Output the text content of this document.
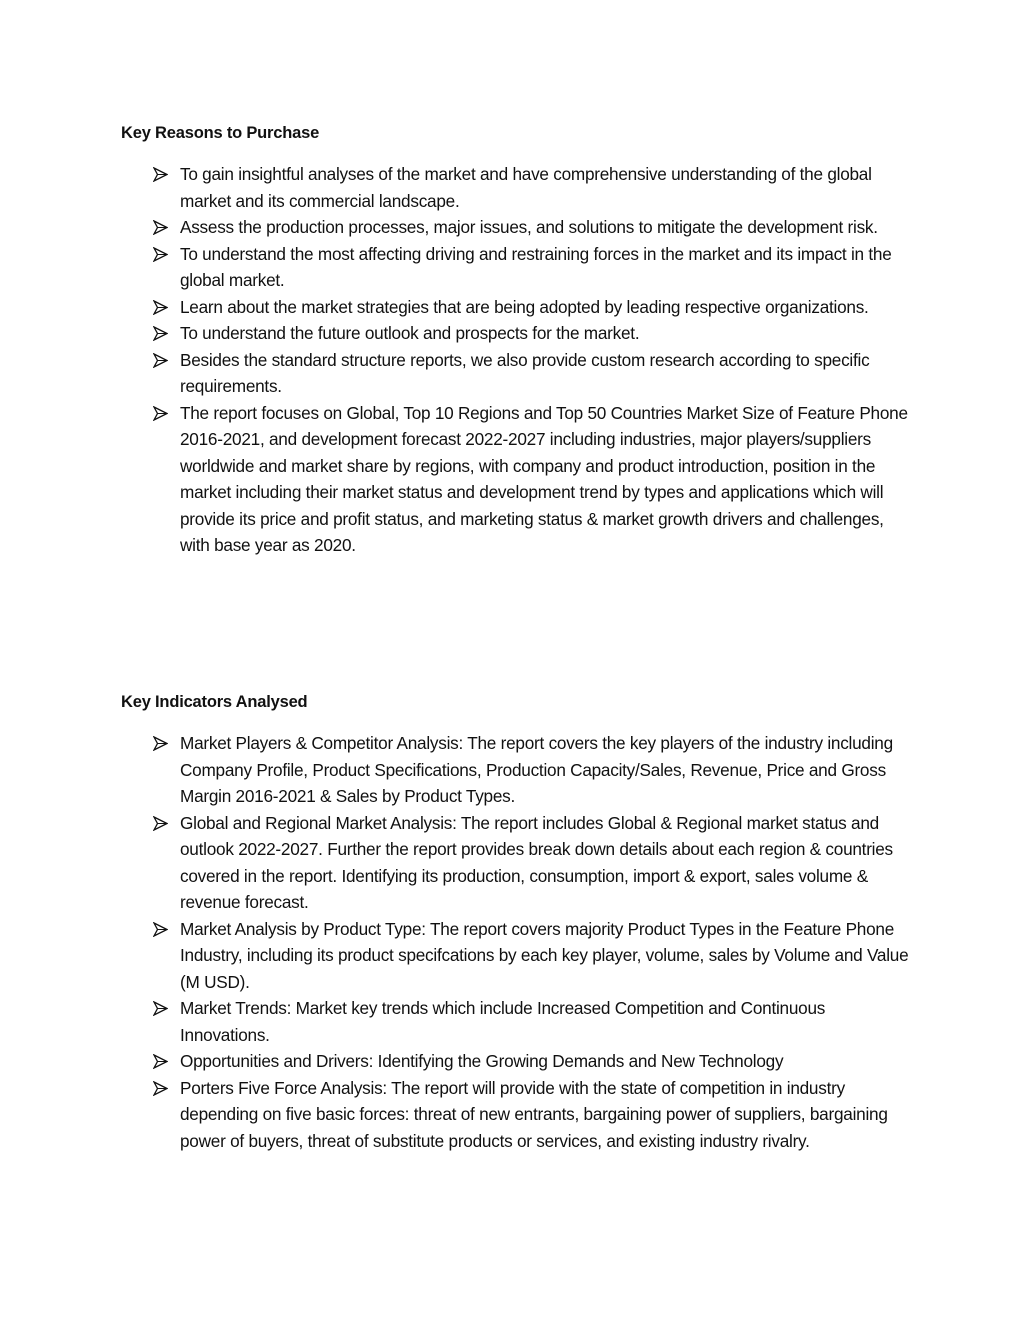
Key Reasons to Purchase
To gain insightful analyses of the market and have comprehensive understanding of the global market and its commercial landscape.
Assess the production processes, major issues, and solutions to mitigate the development risk.
To understand the most affecting driving and restraining forces in the market and its impact in the global market.
Learn about the market strategies that are being adopted by leading respective organizations.
To understand the future outlook and prospects for the market.
Besides the standard structure reports, we also provide custom research according to specific requirements.
The report focuses on Global, Top 10 Regions and Top 50 Countries Market Size of Feature Phone 2016-2021, and development forecast 2022-2027 including industries, major players/suppliers worldwide and market share by regions, with company and product introduction, position in the market including their market status and development trend by types and applications which will provide its price and profit status, and marketing status & market growth drivers and challenges, with base year as 2020.
Key Indicators Analysed
Market Players & Competitor Analysis: The report covers the key players of the industry including Company Profile, Product Specifications, Production Capacity/Sales, Revenue, Price and Gross Margin 2016-2021 & Sales by Product Types.
Global and Regional Market Analysis: The report includes Global & Regional market status and outlook 2022-2027. Further the report provides break down details about each region & countries covered in the report. Identifying its production, consumption, import & export, sales volume & revenue forecast.
Market Analysis by Product Type: The report covers majority Product Types in the Feature Phone Industry, including its product specifcations by each key player, volume, sales by Volume and Value (M USD).
Market Trends: Market key trends which include Increased Competition and Continuous Innovations.
Opportunities and Drivers: Identifying the Growing Demands and New Technology
Porters Five Force Analysis: The report will provide with the state of competition in industry depending on five basic forces: threat of new entrants, bargaining power of suppliers, bargaining power of buyers, threat of substitute products or services, and existing industry rivalry.
